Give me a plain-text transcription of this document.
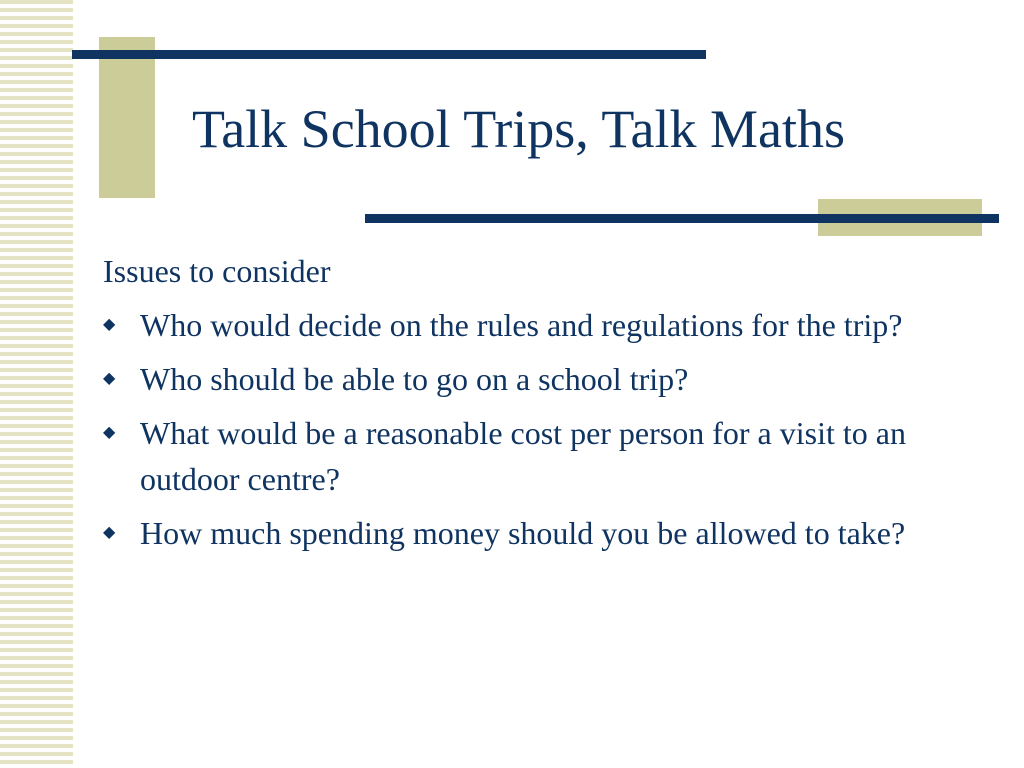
Talk School Trips, Talk Maths

Issues to consider

◆ Who would decide on the rules and regulations for the trip?
◆ Who should be able to go on a school trip?
◆ What would be a reasonable cost per person for a visit to an outdoor centre?
◆ How much spending money should you be allowed to take?
